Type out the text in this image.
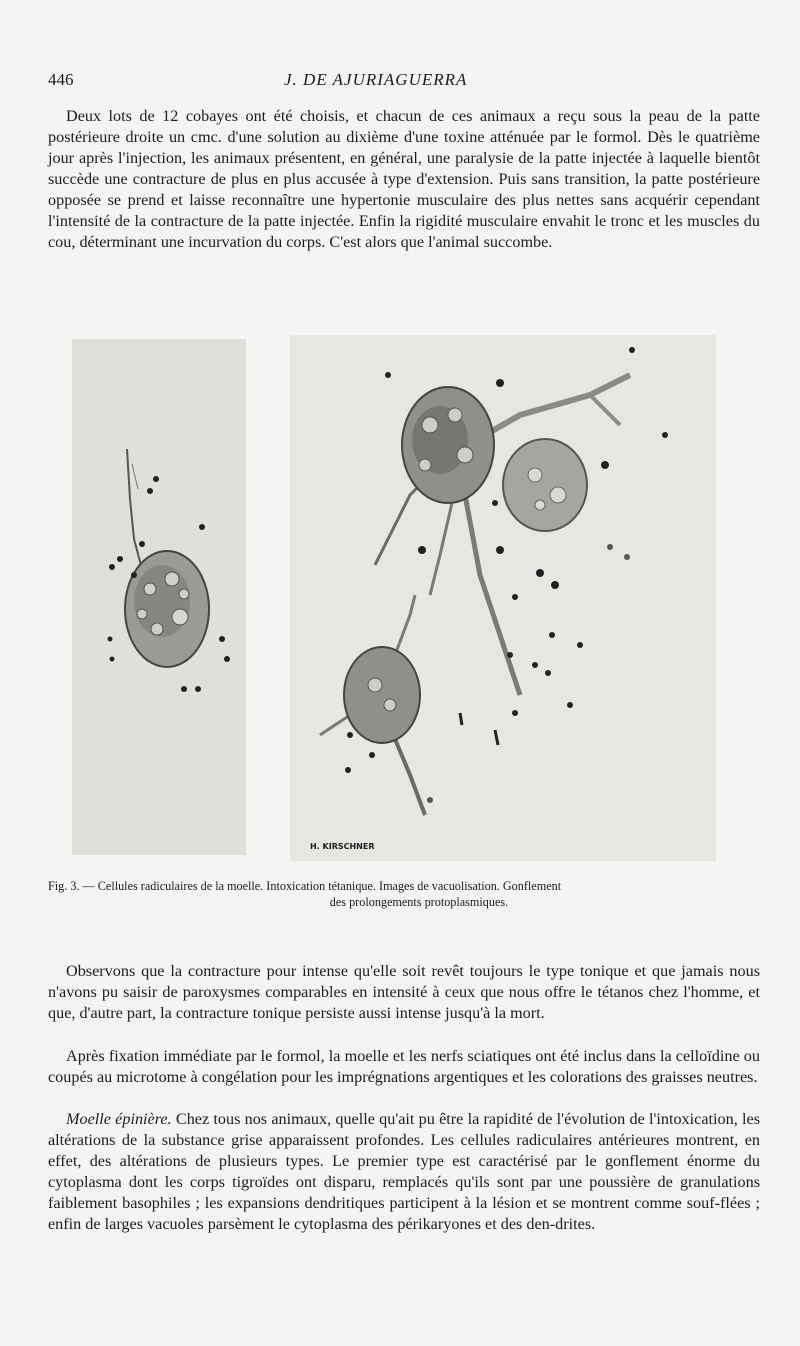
446	J. DE AJURIAGUERRA

Deux lots de 12 cobayes ont été choisis, et chacun de ces animaux a reçu sous la peau de la patte postérieure droite un cmc. d'une solution au dixième d'une toxine atténuée par le formol. Dès le quatrième jour après l'injection, les animaux présentent, en général, une paralysie de la patte injectée à laquelle bientôt succède une contracture de plus en plus accusée à type d'extension. Puis sans transition, la patte postérieure opposée se prend et laisse reconnaître une hypertonie musculaire des plus nettes sans acquérir cependant l'intensité de la contracture de la patte injectée. Enfin la rigidité musculaire envahit le tronc et les muscles du cou, déterminant une incurvation du corps. C'est alors que l'animal succombe.

H. KIRSCHNER
Fig. 3. — Cellules radiculaires de la moelle. Intoxication tétanique. Images de vacuolisation. Gonflement
des prolongements protoplasmiques.

Observons que la contracture pour intense qu'elle soit revêt toujours le type tonique et que jamais nous n'avons pu saisir de paroxysmes comparables en intensité à ceux que nous offre le tétanos chez l'homme, et que, d'autre part, la contracture tonique persiste aussi intense jusqu'à la mort.

Après fixation immédiate par le formol, la moelle et les nerfs sciatiques ont été inclus dans la celloïdine ou coupés au microtome à congélation pour les imprégnations argentiques et les colorations des graisses neutres.

Moelle épinière. Chez tous nos animaux, quelle qu'ait pu être la rapidité de l'évolution de l'intoxication, les altérations de la substance grise apparaissent profondes. Les cellules radiculaires antérieures montrent, en effet, des altérations de plusieurs types. Le premier type est caractérisé par le gonflement énorme du cytoplasma dont les corps tigroïdes ont disparu, remplacés qu'ils sont par une poussière de granulations faiblement basophiles ; les expansions dendritiques participent à la lésion et se montrent comme souf-flées ; enfin de larges vacuoles parsèment le cytoplasma des périkaryones et des den-drites.
